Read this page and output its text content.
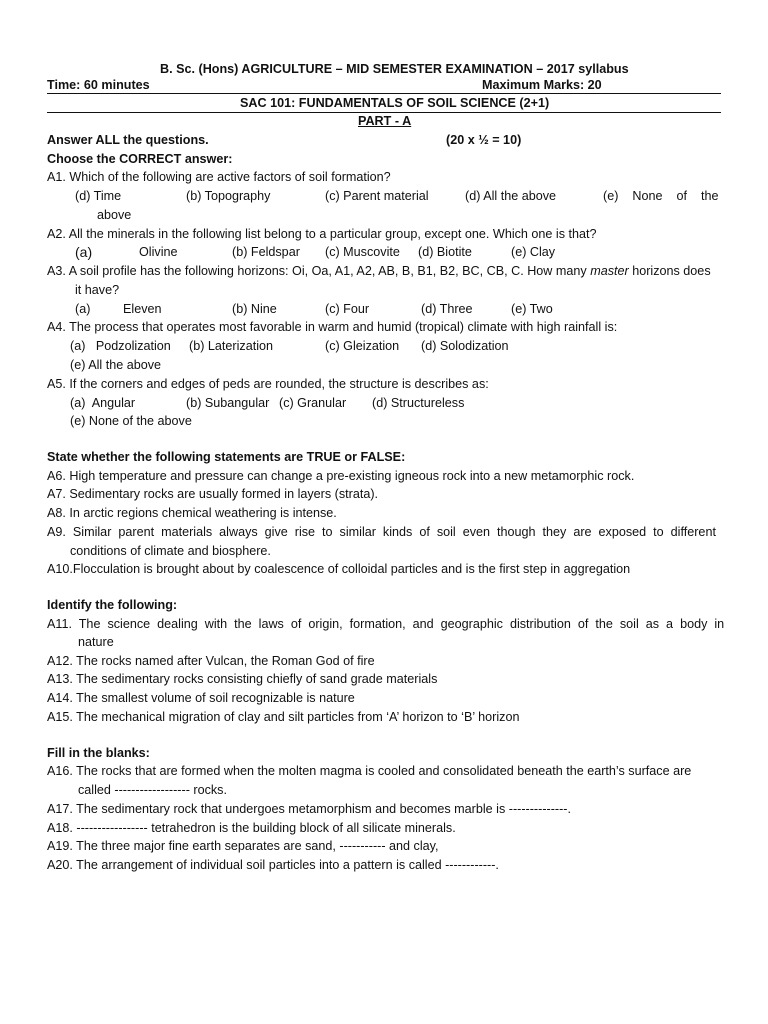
B. Sc. (Hons) AGRICULTURE – MID SEMESTER EXAMINATION – 2017 syllabus
Time: 60 minutes	Maximum Marks: 20
SAC 101: FUNDAMENTALS OF SOIL SCIENCE (2+1)
PART - A
Answer ALL the questions.	(20 x ½ = 10)
Choose the CORRECT answer:
A1. Which of the following are active factors of soil formation?
(d) Time	(b) Topography	(c) Parent material	(d) All the above	(e)    None    of    the
above
A2. All the minerals in the following list belong to a particular group, except one. Which one is that?
(a)	Olivine	(b) Feldspar (c) Muscovite (d) Biotite	(e) Clay
A3. A soil profile has the following horizons: Oi, Oa, A1, A2, AB, B, B1, B2, BC, CB, C. How many master horizons does
it have?
(a)	Eleven	(b) Nine	(c) Four	(d) Three	(e) Two
A4. The process that operates most favorable in warm and humid (tropical) climate with high rainfall is:
(a)   Podzolization (b) Laterization	(c) Gleization (d) Solodization
(e) All the above
A5. If the corners and edges of peds are rounded, the structure is describes as:
(a)  Angular	(b) Subangular (c) Granular (d) Structureless
(e) None of the above
State whether the following statements are TRUE or FALSE:
A6. High temperature and pressure can change a pre-existing igneous rock into a new metamorphic rock.
A7. Sedimentary rocks are usually formed in layers (strata).
A8. In arctic regions chemical weathering is intense.
A9.  Similar  parent  materials  always  give  rise  to  similar  kinds  of  soil  even  though  they  are  exposed  to  different
conditions of climate and biosphere.
A10.Flocculation is brought about by coalescence of colloidal particles and is the first step in aggregation
Identify the following:
A11.  The  science  dealing  with  the  laws  of  origin,  formation,  and  geographic  distribution  of  the  soil  as  a  body  in
nature
A12. The rocks named after Vulcan, the Roman God of fire
A13. The sedimentary rocks consisting chiefly of sand grade materials
A14. The smallest volume of soil recognizable is nature
A15. The mechanical migration of clay and silt particles from ‘A’ horizon to ‘B’ horizon
Fill in the blanks:
A16. The rocks that are formed when the molten magma is cooled and consolidated beneath the earth’s surface are
called ------------------ rocks.
A17. The sedimentary rock that undergoes metamorphism and becomes marble is --------------.
A18. ----------------- tetrahedron is the building block of all silicate minerals.
A19. The three major fine earth separates are sand, ----------- and clay,
A20. The arrangement of individual soil particles into a pattern is called ------------.
